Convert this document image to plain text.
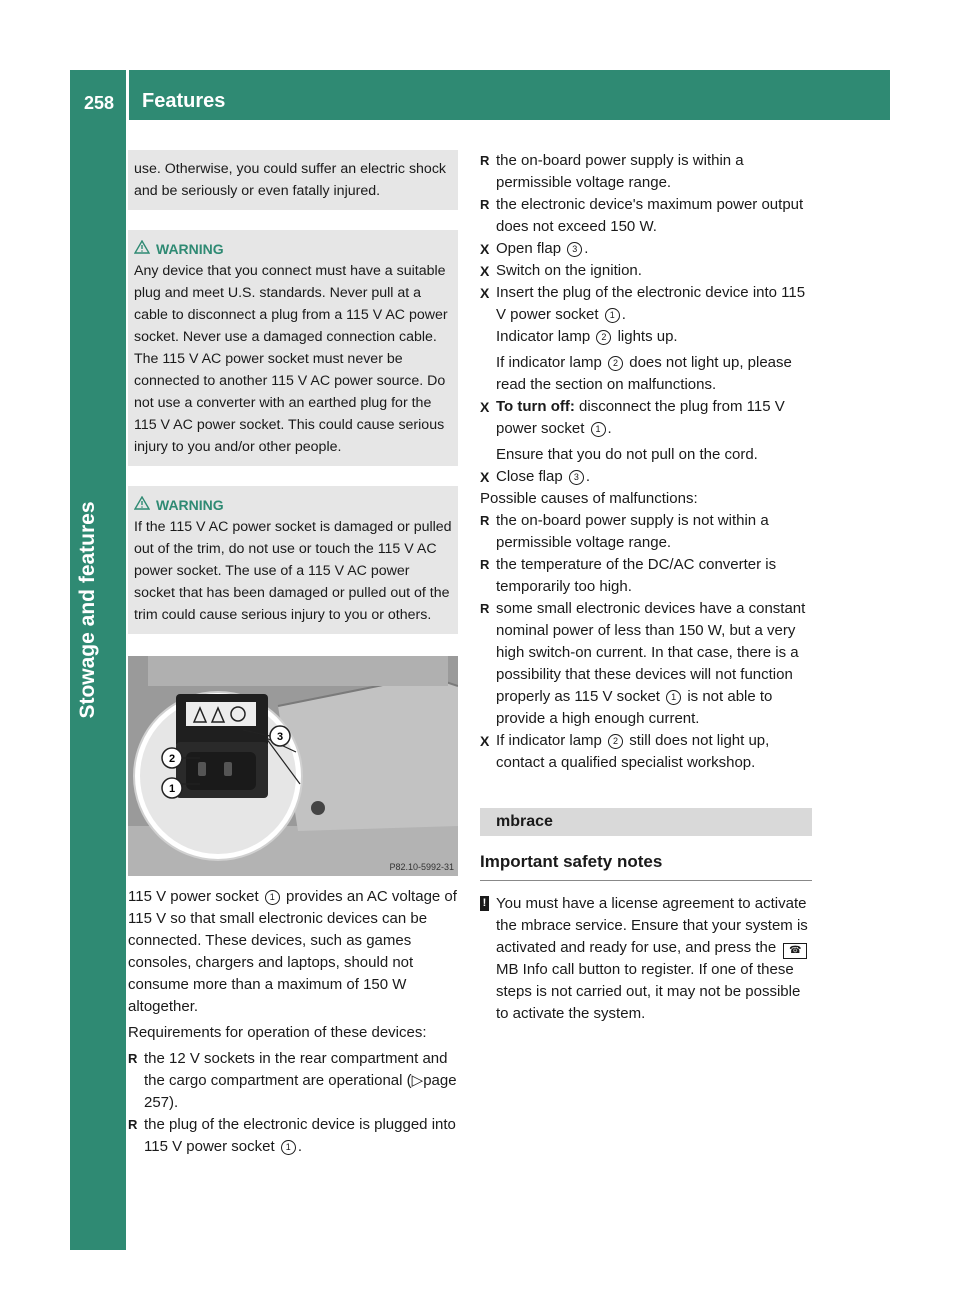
258 Features
Stowage and features
use. Otherwise, you could suffer an electric shock and be seriously or even fatally injured.
WARNING
Any device that you connect must have a suitable plug and meet U.S. standards. Never pull at a cable to disconnect a plug from a 115 V AC power socket. Never use a damaged connection cable. The 115 V AC power socket must never be connected to another 115 V AC power source. Do not use a converter with an earthed plug for the 115 V AC power socket. This could cause serious injury to you and/or other people.
WARNING
If the 115 V AC power socket is damaged or pulled out of the trim, do not use or touch the 115 V AC power socket. The use of a 115 V AC power socket that has been damaged or pulled out of the trim could cause serious injury to you or others.
2
1
3
P82.10-5992-31

115 V power socket 1 provides an AC voltage of 115 V so that small electronic devices can be connected. These devices, such as games consoles, chargers and laptops, should not consume more than a maximum of 150 W altogether.

Requirements for operation of these devices:

R the 12 V sockets in the rear compartment and the cargo compartment are operational (▷page 257).
R the plug of the electronic device is plugged into 115 V power socket 1 .
R the on-board power supply is within a permissible voltage range.
R the electronic device's maximum power output does not exceed 150 W.
X Open flap 3 .
X Switch on the ignition.
X Insert the plug of the electronic device into 115 V power socket 1 .
Indicator lamp 2 lights up.
If indicator lamp 2 does not light up, please read the section on malfunctions.
X To turn off: disconnect the plug from 115 V power socket 1 .
Ensure that you do not pull on the cord.
X Close flap 3 .

Possible causes of malfunctions:

R the on-board power supply is not within a permissible voltage range.
R the temperature of the DC/AC converter is temporarily too high.
R some small electronic devices have a constant nominal power of less than 150 W, but a very high switch-on current. In that case, there is a possibility that these devices will not function properly as 115 V socket 1 is not able to provide a high enough current.
X If indicator lamp 2 still does not light up, contact a qualified specialist workshop.
mbrace
Important safety notes
! You must have a license agreement to activate the mbrace service. Ensure that your system is activated and ready for use, and press the ☎ MB Info call button to register. If one of these steps is not carried out, it may not be possible to activate the system.
